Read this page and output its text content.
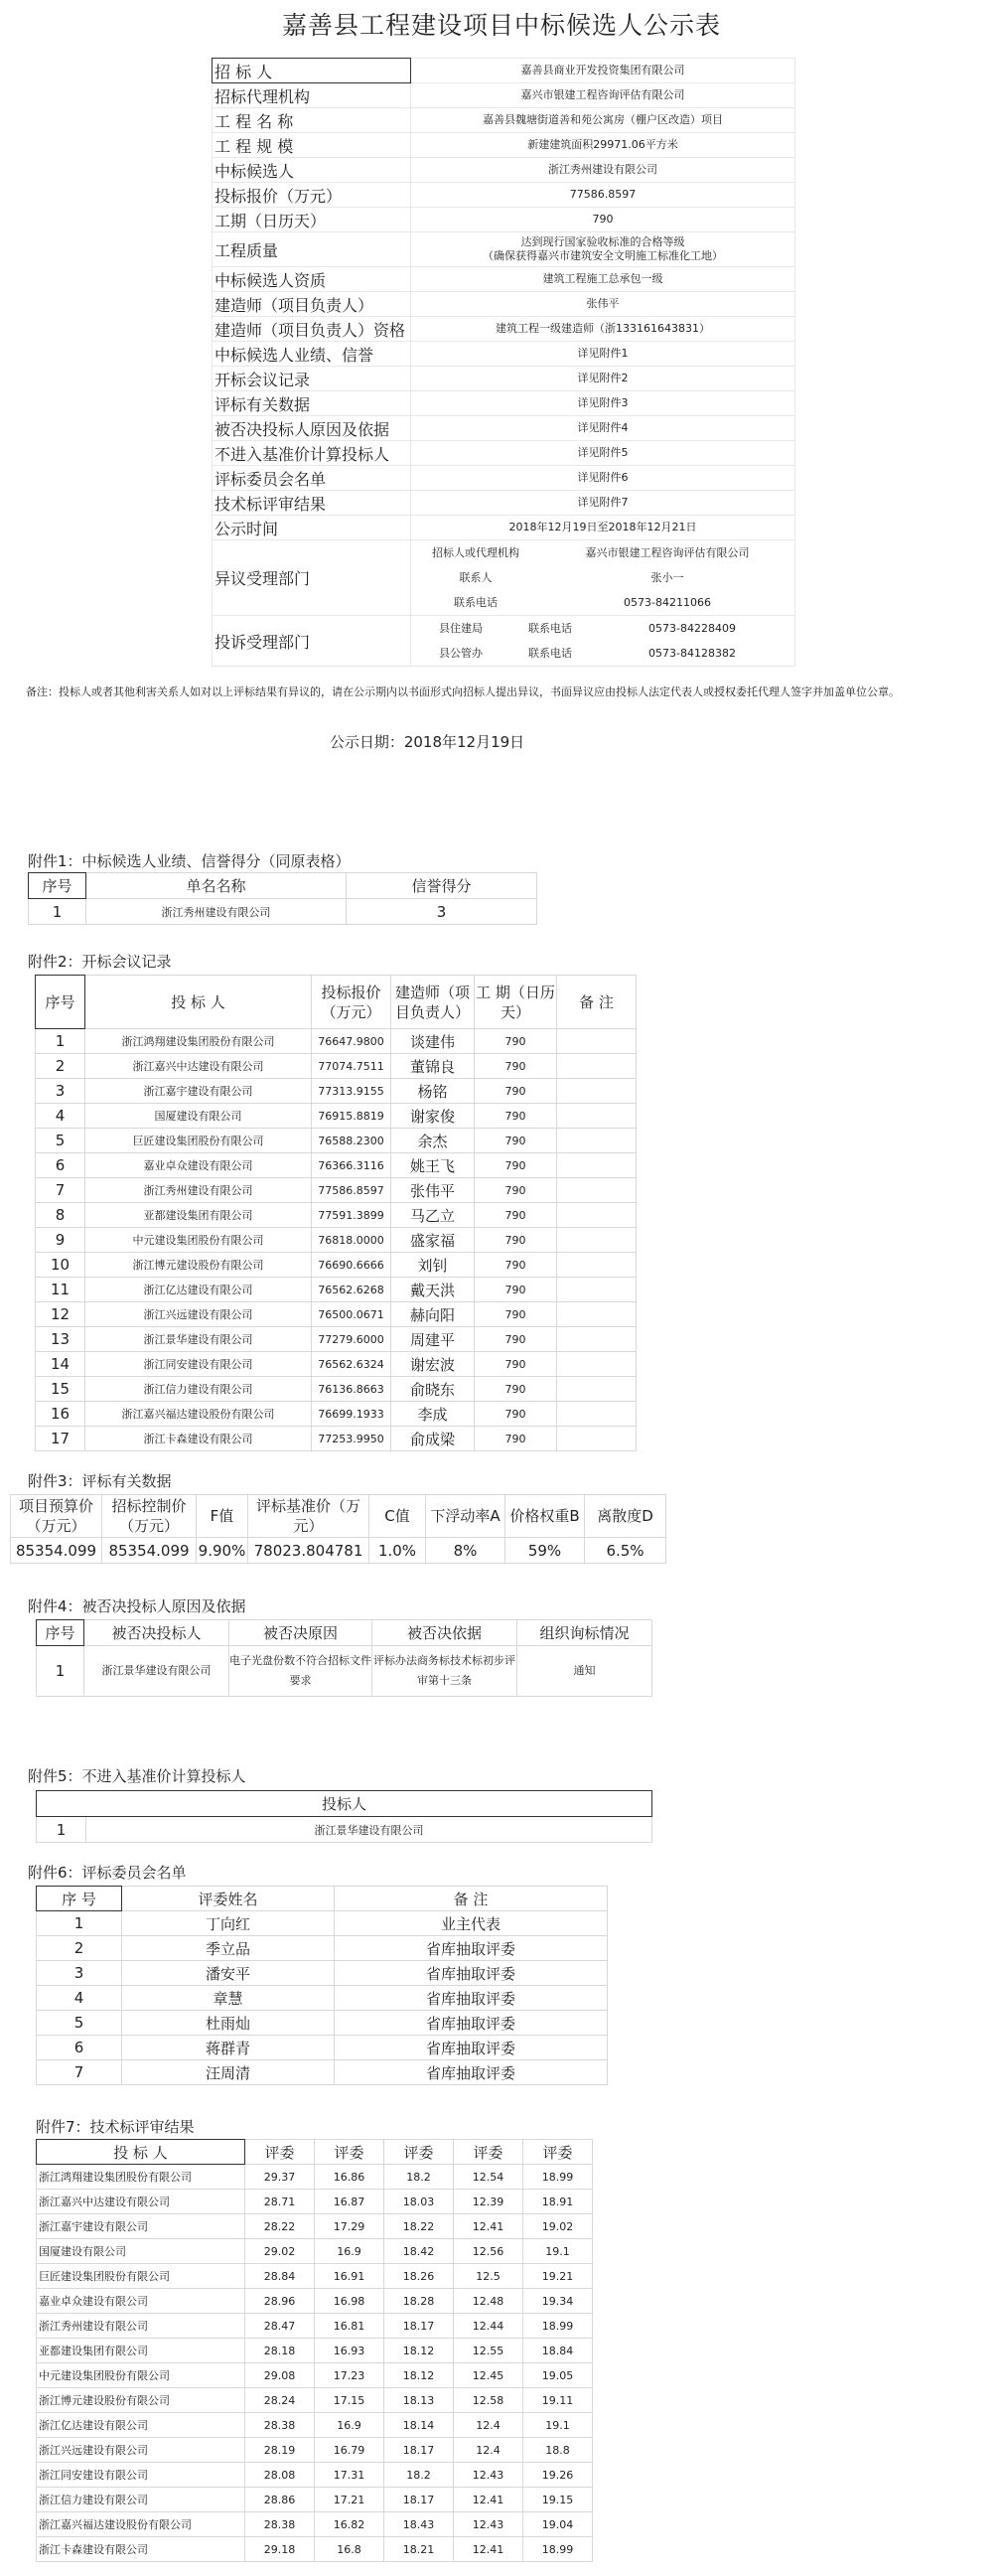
嘉善县工程建设项目中标候选人公示表
招 标 人	嘉善县商业开发投资集团有限公司
招标代理机构	嘉兴市银建工程咨询评估有限公司
工 程 名 称	嘉善县魏塘街道善和苑公寓房（棚户区改造）项目
工 程 规 模	新建建筑面积29971.06平方米
中标候选人	浙江秀州建设有限公司
投标报价（万元）	77586.8597
工期（日历天）	790
工程质量	达到现行国家验收标准的合格等级
（确保获得嘉兴市建筑安全文明施工标准化工地）
中标候选人资质	建筑工程施工总承包一级
建造师（项目负责人）	张伟平
建造师（项目负责人）资格	建筑工程一级建造师（浙133161643831）
中标候选人业绩、信誉	详见附件1
开标会议记录	详见附件2
评标有关数据	详见附件3
被否决投标人原因及依据	详见附件4
不进入基准价计算投标人	详见附件5
评标委员会名单	详见附件6
技术标评审结果	详见附件7
公示时间	2018年12月19日至2018年12月21日
异议受理部门	
招标人或代理机构	嘉兴市银建工程咨询评估有限公司
联系人	张小一
联系电话	0573-84211066

投诉受理部门	
县住建局	联系电话	0573-84228409
县公管办	联系电话	0573-84128382
备注：投标人或者其他利害关系人如对以上评标结果有异议的，请在公示期内以书面形式向招标人提出异议，书面异议应由投标人法定代表人或授权委托代理人签字并加盖单位公章。
公示日期：2018年12月19日
附件1：中标候选人业绩、信誉得分（同原表格）
序号	单名名称	信誉得分
1	浙江秀州建设有限公司	3
附件2：开标会议记录
序号	投 标 人	投标报价（万元）	建造师（项目负责人）	工 期（日历天）	备 注
1	浙江鸿翔建设集团股份有限公司	76647.9800	谈建伟	790	
2	浙江嘉兴中达建设有限公司	77074.7511	董锦良	790	
3	浙江嘉宇建设有限公司	77313.9155	杨铭	790	
4	国厦建设有限公司	76915.8819	谢家俊	790	
5	巨匠建设集团股份有限公司	76588.2300	余杰	790	
6	嘉业卓众建设有限公司	76366.3116	姚王飞	790	
7	浙江秀州建设有限公司	77586.8597	张伟平	790	
8	亚都建设集团有限公司	77591.3899	马乙立	790	
9	中元建设集团股份有限公司	76818.0000	盛家福	790	
10	浙江博元建设股份有限公司	76690.6666	刘钊	790	
11	浙江亿达建设有限公司	76562.6268	戴天洪	790	
12	浙江兴远建设有限公司	76500.0671	赫向阳	790	
13	浙江景华建设有限公司	77279.6000	周建平	790	
14	浙江同安建设有限公司	76562.6324	谢宏波	790	
15	浙江信力建设有限公司	76136.8663	俞晓东	790	
16	浙江嘉兴福达建设股份有限公司	76699.1933	李成	790	
17	浙江卡森建设有限公司	77253.9950	俞成梁	790	
附件3：评标有关数据
项目预算价（万元）	招标控制价（万元）	F值	评标基准价（万元）	C值	下浮动率A	价格权重B	离散度D
85354.099	85354.099	9.90%	78023.804781	1.0%	8%	59%	6.5%
附件4：被否决投标人原因及依据
序号	被否决投标人	被否决原因	被否决依据	组织询标情况
1	浙江景华建设有限公司	电子光盘份数不符合招标文件要求	评标办法商务标技术标初步评审第十三条	通知
附件5：不进入基准价计算投标人
投标人
1	浙江景华建设有限公司
附件6：评标委员会名单
序 号	评委姓名	备 注
1	丁向红	业主代表
2	季立品	省库抽取评委
3	潘安平	省库抽取评委
4	章慧	省库抽取评委
5	杜雨灿	省库抽取评委
6	蒋群青	省库抽取评委
7	汪周清	省库抽取评委
附件7：技术标评审结果
投 标 人	评委	评委	评委	评委	评委
浙江鸿翔建设集团股份有限公司	29.37	16.86	18.2	12.54	18.99
浙江嘉兴中达建设有限公司	28.71	16.87	18.03	12.39	18.91
浙江嘉宇建设有限公司	28.22	17.29	18.22	12.41	19.02
国厦建设有限公司	29.02	16.9	18.42	12.56	19.1
巨匠建设集团股份有限公司	28.84	16.91	18.26	12.5	19.21
嘉业卓众建设有限公司	28.96	16.98	18.28	12.48	19.34
浙江秀州建设有限公司	28.47	16.81	18.17	12.44	18.99
亚都建设集团有限公司	28.18	16.93	18.12	12.55	18.84
中元建设集团股份有限公司	29.08	17.23	18.12	12.45	19.05
浙江博元建设股份有限公司	28.24	17.15	18.13	12.58	19.11
浙江亿达建设有限公司	28.38	16.9	18.14	12.4	19.1
浙江兴远建设有限公司	28.19	16.79	18.17	12.4	18.8
浙江同安建设有限公司	28.08	17.31	18.2	12.43	19.26
浙江信力建设有限公司	28.86	17.21	18.17	12.41	19.15
浙江嘉兴福达建设股份有限公司	28.38	16.82	18.43	12.43	19.04
浙江卡森建设有限公司	29.18	16.8	18.21	12.41	18.99
